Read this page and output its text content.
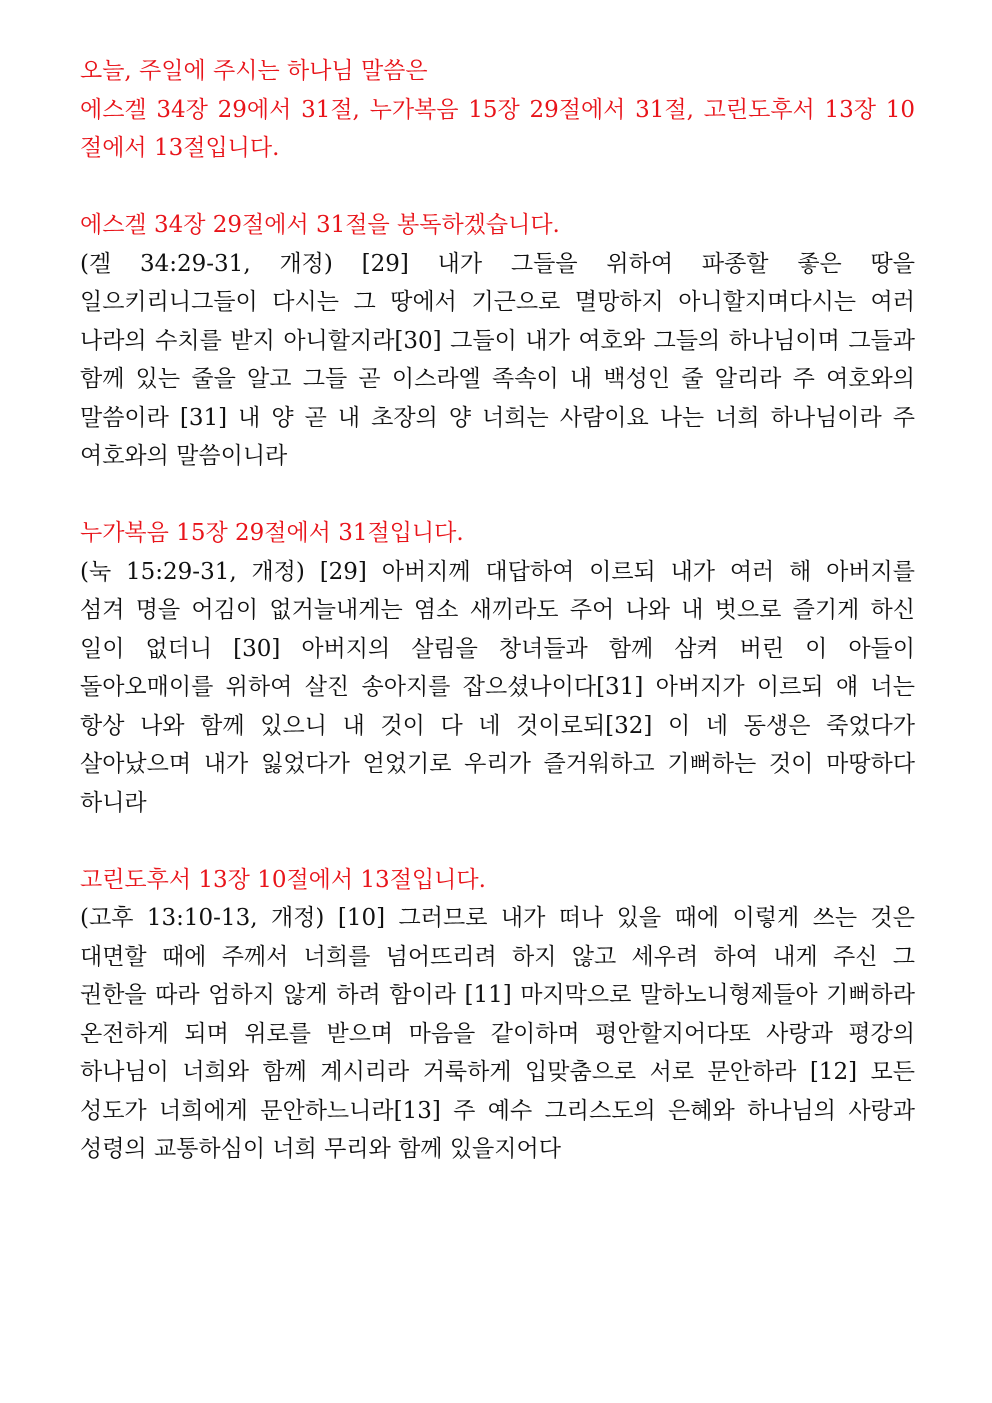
오늘, 주일에 주시는 하나님 말씀은
에스겔 34장 29에서 31절, 누가복음 15장 29절에서 31절, 고린도후서 13장 10
절에서 13절입니다.
에스겔 34장 29절에서 31절을 봉독하겠습니다.
(겔 34:29-31, 개정) [29] 내가 그들을 위하여 파종할 좋은 땅을
일으키리니그들이 다시는 그 땅에서 기근으로 멸망하지 아니할지며다시는 여러
나라의 수치를 받지 아니할지라[30] 그들이 내가 여호와 그들의 하나님이며 그들과
함께 있는 줄을 알고 그들 곧 이스라엘 족속이 내 백성인 줄 알리라 주 여호와의
말씀이라 [31] 내 양 곧 내 초장의 양 너희는 사람이요 나는 너희 하나님이라 주
여호와의 말씀이니라
누가복음 15장 29절에서 31절입니다.
(눅 15:29-31, 개정) [29] 아버지께 대답하여 이르되 내가 여러 해 아버지를
섬겨 명을 어김이 없거늘내게는 염소 새끼라도 주어 나와 내 벗으로 즐기게 하신
일이 없더니 [30] 아버지의 살림을 창녀들과 함께 삼켜 버린 이 아들이
돌아오매이를 위하여 살진 송아지를 잡으셨나이다[31] 아버지가 이르되 얘 너는
항상 나와 함께 있으니 내 것이 다 네 것이로되[32] 이 네 동생은 죽었다가
살아났으며 내가 잃었다가 얻었기로 우리가 즐거워하고 기뻐하는 것이 마땅하다
하니라
고린도후서 13장 10절에서 13절입니다.
(고후 13:10-13, 개정) [10] 그러므로 내가 떠나 있을 때에 이렇게 쓰는 것은
대면할 때에 주께서 너희를 넘어뜨리려 하지 않고 세우려 하여 내게 주신 그
권한을 따라 엄하지 않게 하려 함이라 [11] 마지막으로 말하노니형제들아 기뻐하라
온전하게 되며 위로를 받으며 마음을 같이하며 평안할지어다또 사랑과 평강의
하나님이 너희와 함께 계시리라 거룩하게 입맞춤으로 서로 문안하라 [12] 모든
성도가 너희에게 문안하느니라[13] 주 예수 그리스도의 은혜와 하나님의 사랑과
성령의 교통하심이 너희 무리와 함께 있을지어다
